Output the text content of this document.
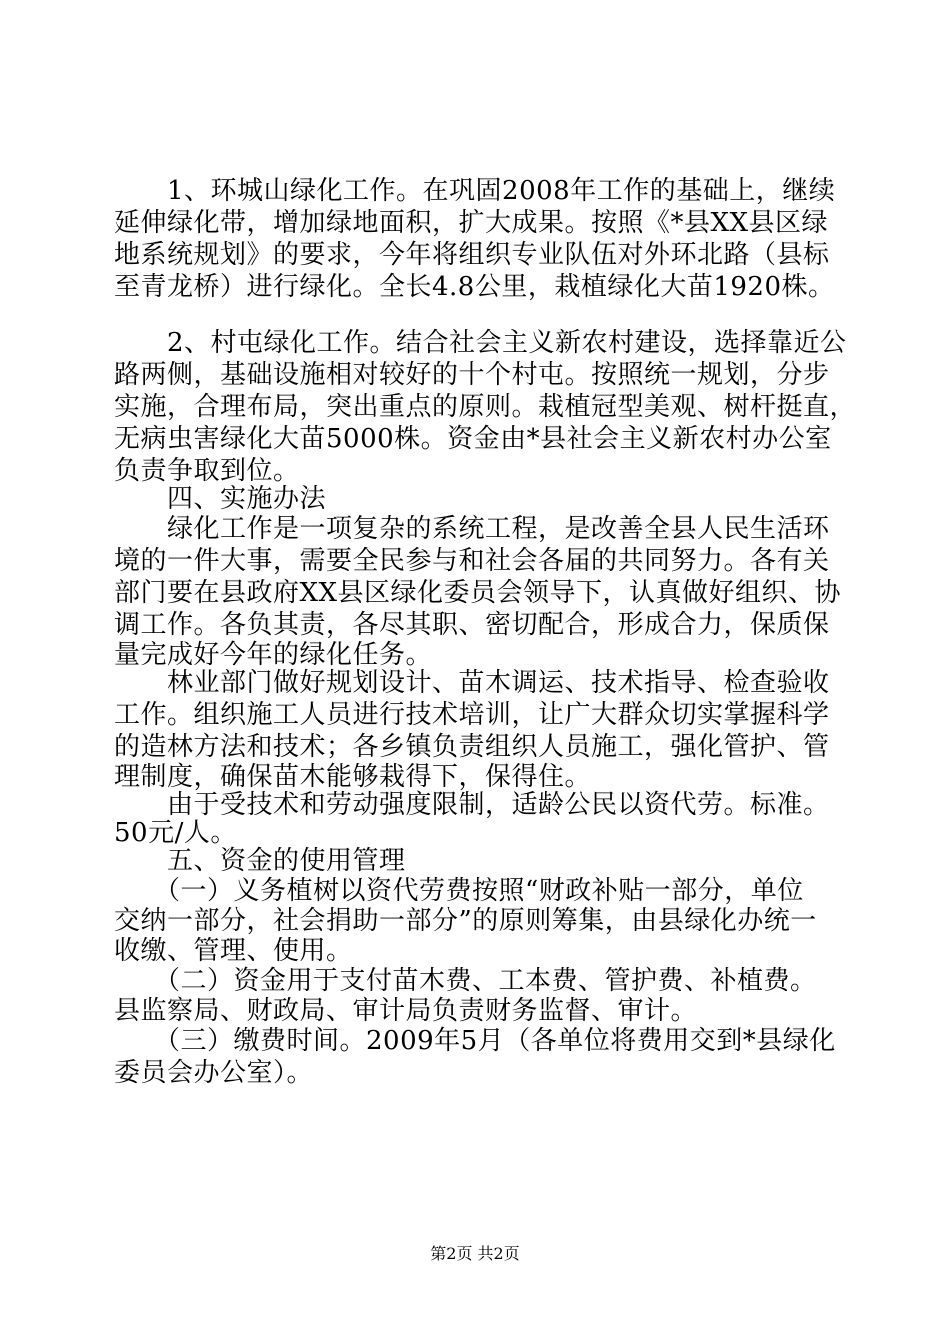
　　1、环城山绿化工作。在巩固2008年工作的基础上，继续
延伸绿化带，增加绿地面积，扩大成果。按照《*县XX县区绿
地系统规划》的要求，今年将组织专业队伍对外环北路（县标
至青龙桥）进行绿化。全长4.8公里，栽植绿化大苗1920株。
　　2、村屯绿化工作。结合社会主义新农村建设，选择靠近公
路两侧，基础设施相对较好的十个村屯。按照统一规划，分步
实施，合理布局，突出重点的原则。栽植冠型美观、树杆挺直，
无病虫害绿化大苗5000株。资金由*县社会主义新农村办公室
负责争取到位。
　　四、实施办法
　　绿化工作是一项复杂的系统工程，是改善全县人民生活环
境的一件大事，需要全民参与和社会各届的共同努力。各有关
部门要在县政府XX县区绿化委员会领导下，认真做好组织、协
调工作。各负其责，各尽其职、密切配合，形成合力，保质保
量完成好今年的绿化任务。
　　林业部门做好规划设计、苗木调运、技术指导、检查验收
工作。组织施工人员进行技术培训，让广大群众切实掌握科学
的造林方法和技术；各乡镇负责组织人员施工，强化管护、管
理制度，确保苗木能够栽得下，保得住。
　　由于受技术和劳动强度限制，适龄公民以资代劳。标准。
50元/人。
　　五、资金的使用管理
　　（一）义务植树以资代劳费按照“财政补贴一部分，单位
交纳一部分，社会捐助一部分”的原则筹集，由县绿化办统一
收缴、管理、使用。
　　（二）资金用于支付苗木费、工本费、管护费、补植费。
县监察局、财政局、审计局负责财务监督、审计。
　　（三）缴费时间。2009年5月（各单位将费用交到*县绿化
委员会办公室）。
第2页 共2页
